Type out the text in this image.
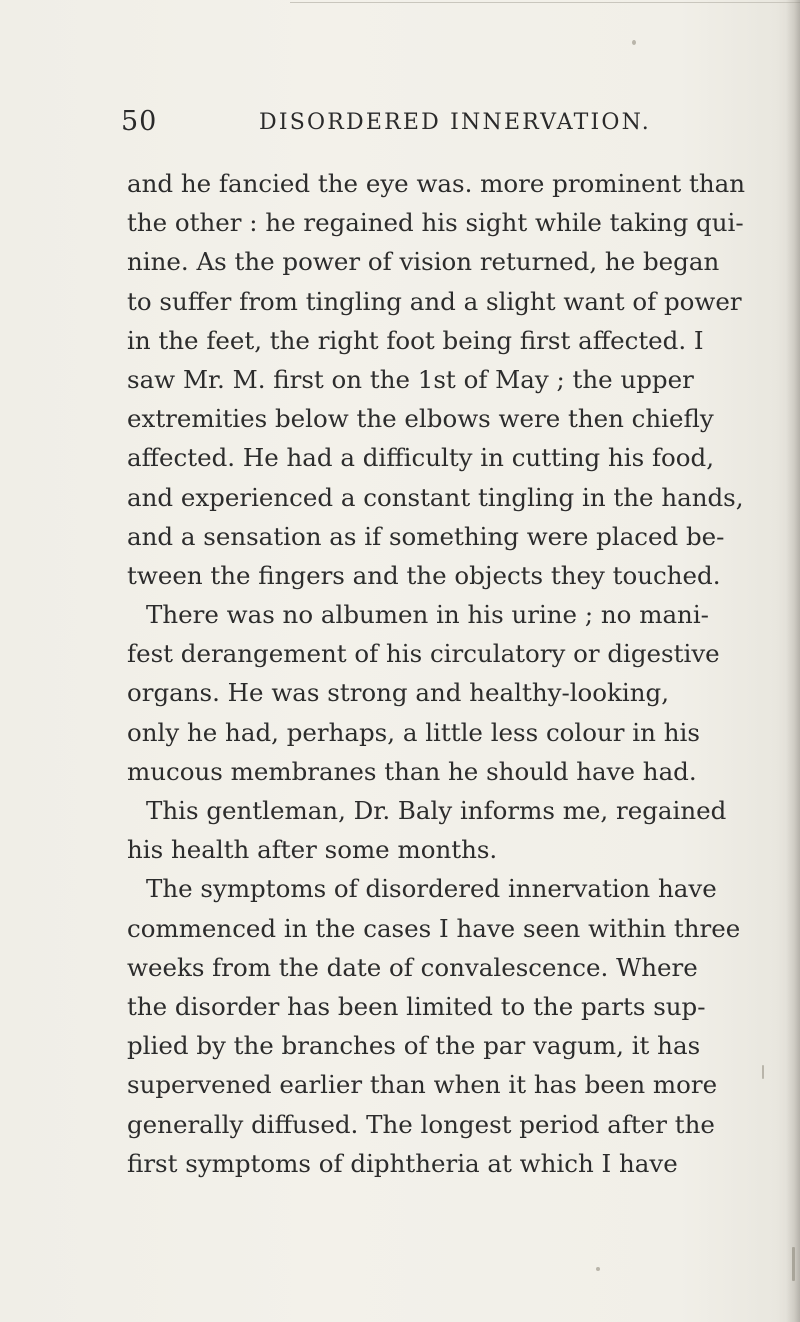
50	DISORDERED INNERVATION.
and he fancied the eye was. more prominent than
the other : he regained his sight while taking qui-
nine. As the power of vision returned, he began
to suffer from tingling and a slight want of power
in the feet, the right foot being first affected. I
saw Mr. M. first on the 1st of May ; the upper
extremities below the elbows were then chiefly
affected. He had a difficulty in cutting his food,
and experienced a constant tingling in the hands,
and a sensation as if something were placed be-
tween the fingers and the objects they touched.
There was no albumen in his urine ; no mani-
fest derangement of his circulatory or digestive
organs. He was strong and healthy-looking,
only he had, perhaps, a little less colour in his
mucous membranes than he should have had.
This gentleman, Dr. Baly informs me, regained
his health after some months.
The symptoms of disordered innervation have
commenced in the cases I have seen within three
weeks from the date of convalescence. Where
the disorder has been limited to the parts sup-
plied by the branches of the par vagum, it has
supervened earlier than when it has been more
generally diffused. The longest period after the
first symptoms of diphtheria at which I have
